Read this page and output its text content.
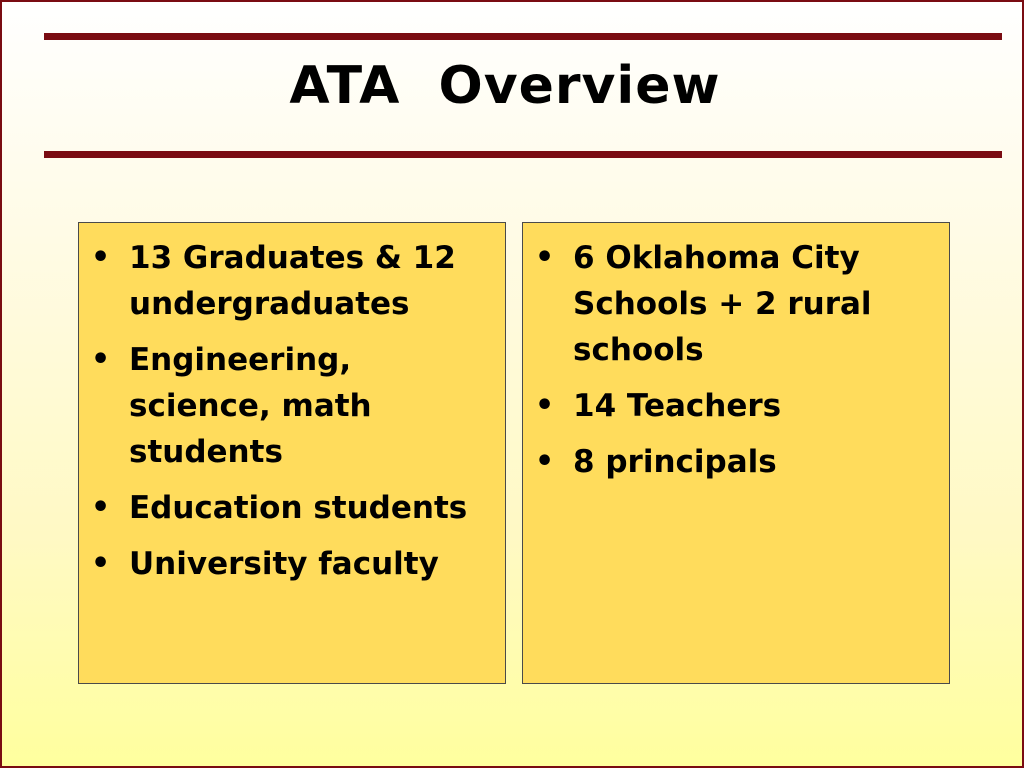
ATA  Overview
• 13 Graduates & 12 undergraduates
• Engineering, science, math students
• Education students
• University faculty
• 6 Oklahoma City Schools + 2 rural schools
• 14 Teachers
• 8 principals
